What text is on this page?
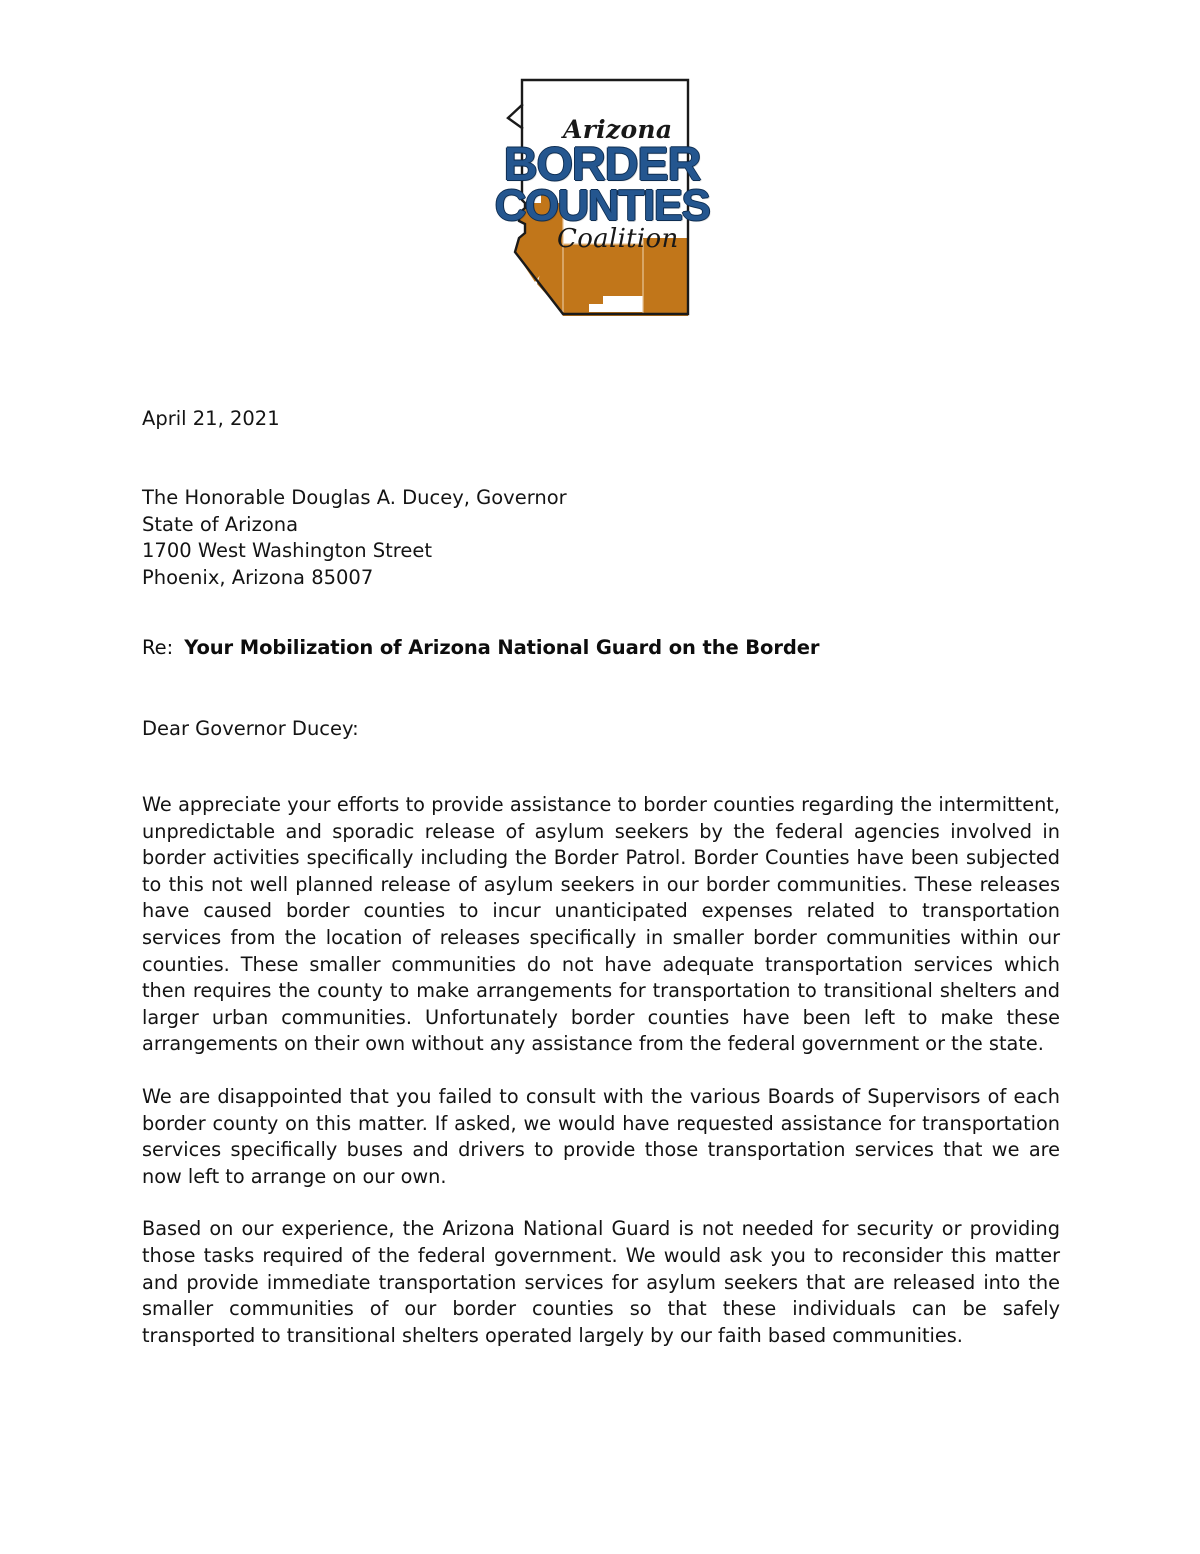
Arizona
BORDER
COUNTIES
Coalition
April 21, 2021
The Honorable Douglas A. Ducey, Governor
State of Arizona
1700 West Washington Street
Phoenix, Arizona 85007
Re: Your Mobilization of Arizona National Guard on the Border
Dear Governor Ducey:

We appreciate your efforts to provide assistance to border counties regarding the intermittent, unpredictable and sporadic release of asylum seekers by the federal agencies involved in border activities specifically including the Border Patrol. Border Counties have been subjected to this not well planned release of asylum seekers in our border communities. These releases have caused border counties to incur unanticipated expenses related to transportation services from the location of releases specifically in smaller border communities within our counties. These smaller communities do not have adequate transportation services which then requires the county to make arrangements for transportation to transitional shelters and larger urban communities. Unfortunately border counties have been left to make these arrangements on their own without any assistance from the federal government or the state.

We are disappointed that you failed to consult with the various Boards of Supervisors of each border county on this matter. If asked, we would have requested assistance for transportation services specifically buses and drivers to provide those transportation services that we are now left to arrange on our own.

Based on our experience, the Arizona National Guard is not needed for security or providing those tasks required of the federal government. We would ask you to reconsider this matter and provide immediate transportation services for asylum seekers that are released into the smaller communities of our border counties so that these individuals can be safely transported to transitional shelters operated largely by our faith based communities.
